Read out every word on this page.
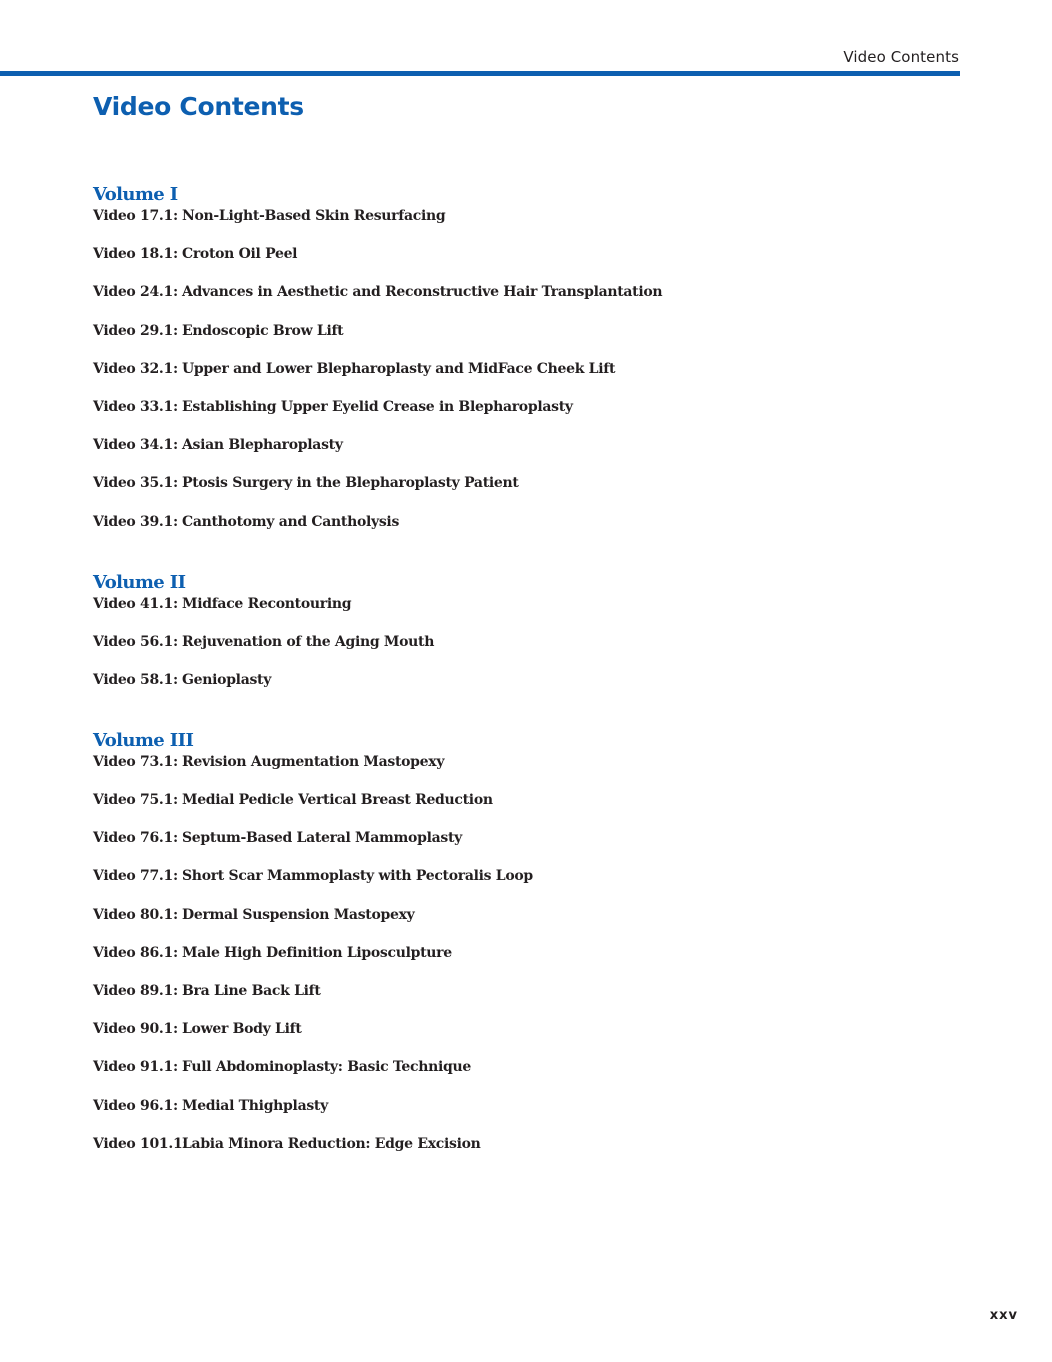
Video Contents
Video Contents
Volume I
Video 17.1: Non-Light-Based Skin Resurfacing
Video 18.1: Croton Oil Peel
Video 24.1: Advances in Aesthetic and Reconstructive Hair Transplantation
Video 29.1: Endoscopic Brow Lift
Video 32.1: Upper and Lower Blepharoplasty and MidFace Cheek Lift
Video 33.1: Establishing Upper Eyelid Crease in Blepharoplasty
Video 34.1: Asian Blepharoplasty
Video 35.1: Ptosis Surgery in the Blepharoplasty Patient
Video 39.1: Canthotomy and Cantholysis
Volume II
Video 41.1: Midface Recontouring
Video 56.1: Rejuvenation of the Aging Mouth
Video 58.1: Genioplasty
Volume III
Video 73.1: Revision Augmentation Mastopexy
Video 75.1: Medial Pedicle Vertical Breast Reduction
Video 76.1: Septum-Based Lateral Mammoplasty
Video 77.1: Short Scar Mammoplasty with Pectoralis Loop
Video 80.1: Dermal Suspension Mastopexy
Video 86.1: Male High Definition Liposculpture
Video 89.1: Bra Line Back Lift
Video 90.1: Lower Body Lift
Video 91.1: Full Abdominoplasty: Basic Technique
Video 96.1: Medial Thighplasty
Video 101.1:
Labia Minora Reduction: Edge Excision
xxv
